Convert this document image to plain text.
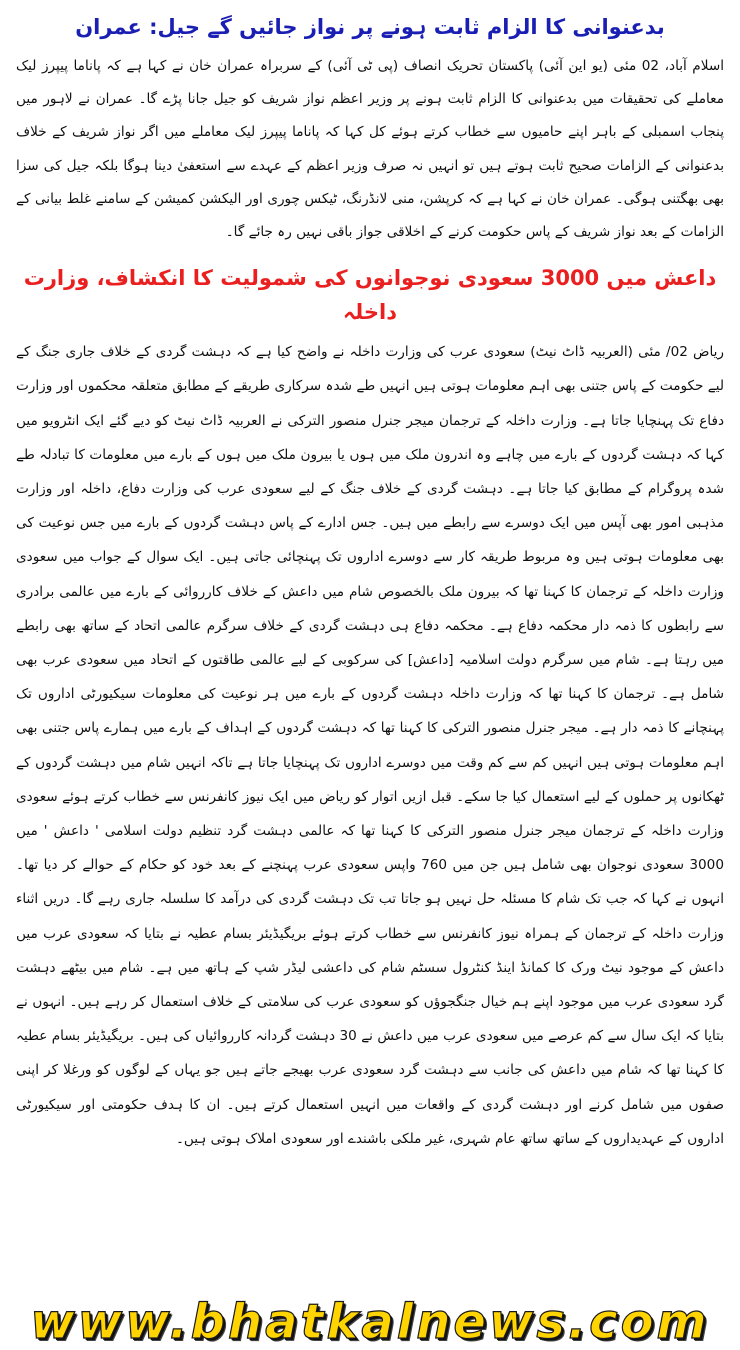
بدعنوانی کا الزام ثابت ہونے پر نواز جائیں گے جیل: عمران

اسلام آباد، 02 مئی (یو این آئی) پاکستان تحریک انصاف (پی ٹی آئی) کے سربراہ عمران خان نے کہا ہے کہ پاناما پیپرز لیک معاملے کی تحقیقات میں بدعنوانی کا الزام ثابت ہونے پر وزیر اعظم نواز شریف کو جیل جانا پڑے گا۔ عمران نے لاہور میں پنجاب اسمبلی کے باہر اپنے حامیوں سے خطاب کرتے ہوئے کل کہا کہ پاناما پیپرز لیک معاملے میں اگر نواز شریف کے خلاف بدعنوانی کے الزامات صحیح ثابت ہوتے ہیں تو انہیں نہ صرف وزیر اعظم کے عہدے سے استعفیٰ دینا ہوگا بلکہ جیل کی سزا بھی بھگتنی ہوگی۔ عمران خان نے کہا ہے کہ کرپشن، منی لانڈرنگ، ٹیکس چوری اور الیکشن کمیشن کے سامنے غلط بیانی کے الزامات کے بعد نواز شریف کے پاس حکومت کرنے کے اخلاقی جواز باقی نہیں رہ جائے گا۔

داعش میں 3000 سعودی نوجوانوں کی شمولیت کا انکشاف، وزارت داخلہ

ریاض 02/ مئی (العربیہ ڈاٹ نیٹ) سعودی عرب کی وزارت داخلہ نے واضح کیا ہے کہ دہشت گردی کے خلاف جاری جنگ کے لیے حکومت کے پاس جتنی بھی اہم معلومات ہوتی ہیں انہیں طے شدہ سرکاری طریقے کے مطابق متعلقہ محکموں اور وزارت دفاع تک پہنچایا جاتا ہے۔ وزارت داخلہ کے ترجمان میجر جنرل منصور الترکی نے العربیہ ڈاٹ نیٹ کو دیے گئے ایک انٹرویو میں کہا کہ دہشت گردوں کے بارے میں چاہے وہ اندرون ملک میں ہوں یا بیرون ملک میں ہوں کے بارے میں معلومات کا تبادلہ طے شدہ پروگرام کے مطابق کیا جاتا ہے۔ دہشت گردی کے خلاف جنگ کے لیے سعودی عرب کی وزارت دفاع، داخلہ اور وزارت مذہبی امور بھی آپس میں ایک دوسرے سے رابطے میں ہیں۔ جس ادارے کے پاس دہشت گردوں کے بارے میں جس نوعیت کی بھی معلومات ہوتی ہیں وہ مربوط طریقہ کار سے دوسرے اداروں تک پہنچائی جاتی ہیں۔ ایک سوال کے جواب میں سعودی وزارت داخلہ کے ترجمان کا کہنا تھا کہ بیرون ملک بالخصوص شام میں داعش کے خلاف کارروائی کے بارے میں عالمی برادری سے رابطوں کا ذمہ دار محکمہ دفاع ہے۔ محکمہ دفاع ہی دہشت گردی کے خلاف سرگرم عالمی اتحاد کے ساتھ بھی رابطے میں رہتا ہے۔ شام میں سرگرم دولت اسلامیہ [داعش] کی سرکوبی کے لیے عالمی طاقتوں کے اتحاد میں سعودی عرب بھی شامل ہے۔ ترجمان کا کہنا تھا کہ وزارت داخلہ دہشت گردوں کے بارے میں ہر نوعیت کی معلومات سیکیورٹی اداروں تک پہنچانے کا ذمہ دار ہے۔ میجر جنرل منصور الترکی کا کہنا تھا کہ دہشت گردوں کے اہداف کے بارے میں ہمارے پاس جتنی بھی اہم معلومات ہوتی ہیں انہیں کم سے کم وقت میں دوسرے اداروں تک پہنچایا جاتا ہے تاکہ انہیں شام میں دہشت گردوں کے ٹھکانوں پر حملوں کے لیے استعمال کیا جا سکے۔ قبل ازیں اتوار کو ریاض میں ایک نیوز کانفرنس سے خطاب کرتے ہوئے سعودی وزارت داخلہ کے ترجمان میجر جنرل منصور الترکی کا کہنا تھا کہ عالمی دہشت گرد تنظیم دولت اسلامی ' داعش ' میں 3000 سعودی نوجوان بھی شامل ہیں جن میں 760 واپس سعودی عرب پہنچنے کے بعد خود کو حکام کے حوالے کر دیا تھا۔ انہوں نے کہا کہ جب تک شام کا مسئلہ حل نہیں ہو جاتا تب تک دہشت گردی کی درآمد کا سلسلہ جاری رہے گا۔ دریں اثناء وزارت داخلہ کے ترجمان کے ہمراہ نیوز کانفرنس سے خطاب کرتے ہوئے بریگیڈیئر بسام عطیہ نے بتایا کہ سعودی عرب میں داعش کے موجود نیٹ ورک کا کمانڈ اینڈ کنٹرول سسٹم شام کی داعشی لیڈر شپ کے ہاتھ میں ہے۔ شام میں بیٹھے دہشت گرد سعودی عرب میں موجود اپنے ہم خیال جنگجوؤں کو سعودی عرب کی سلامتی کے خلاف استعمال کر رہے ہیں۔ انہوں نے بتایا کہ ایک سال سے کم عرصے میں سعودی عرب میں داعش نے 30 دہشت گردانہ کارروائیاں کی ہیں۔ بریگیڈیئر بسام عطیہ کا کہنا تھا کہ شام میں داعش کی جانب سے دہشت گرد سعودی عرب بھیجے جاتے ہیں جو یہاں کے لوگوں کو ورغلا کر اپنی صفوں میں شامل کرنے اور دہشت گردی کے واقعات میں انہیں استعمال کرتے ہیں۔ ان کا ہدف حکومتی اور سیکیورٹی اداروں کے عہدیداروں کے ساتھ ساتھ عام شہری، غیر ملکی باشندے اور سعودی املاک ہوتی ہیں۔

www.bhatkalnews.com
